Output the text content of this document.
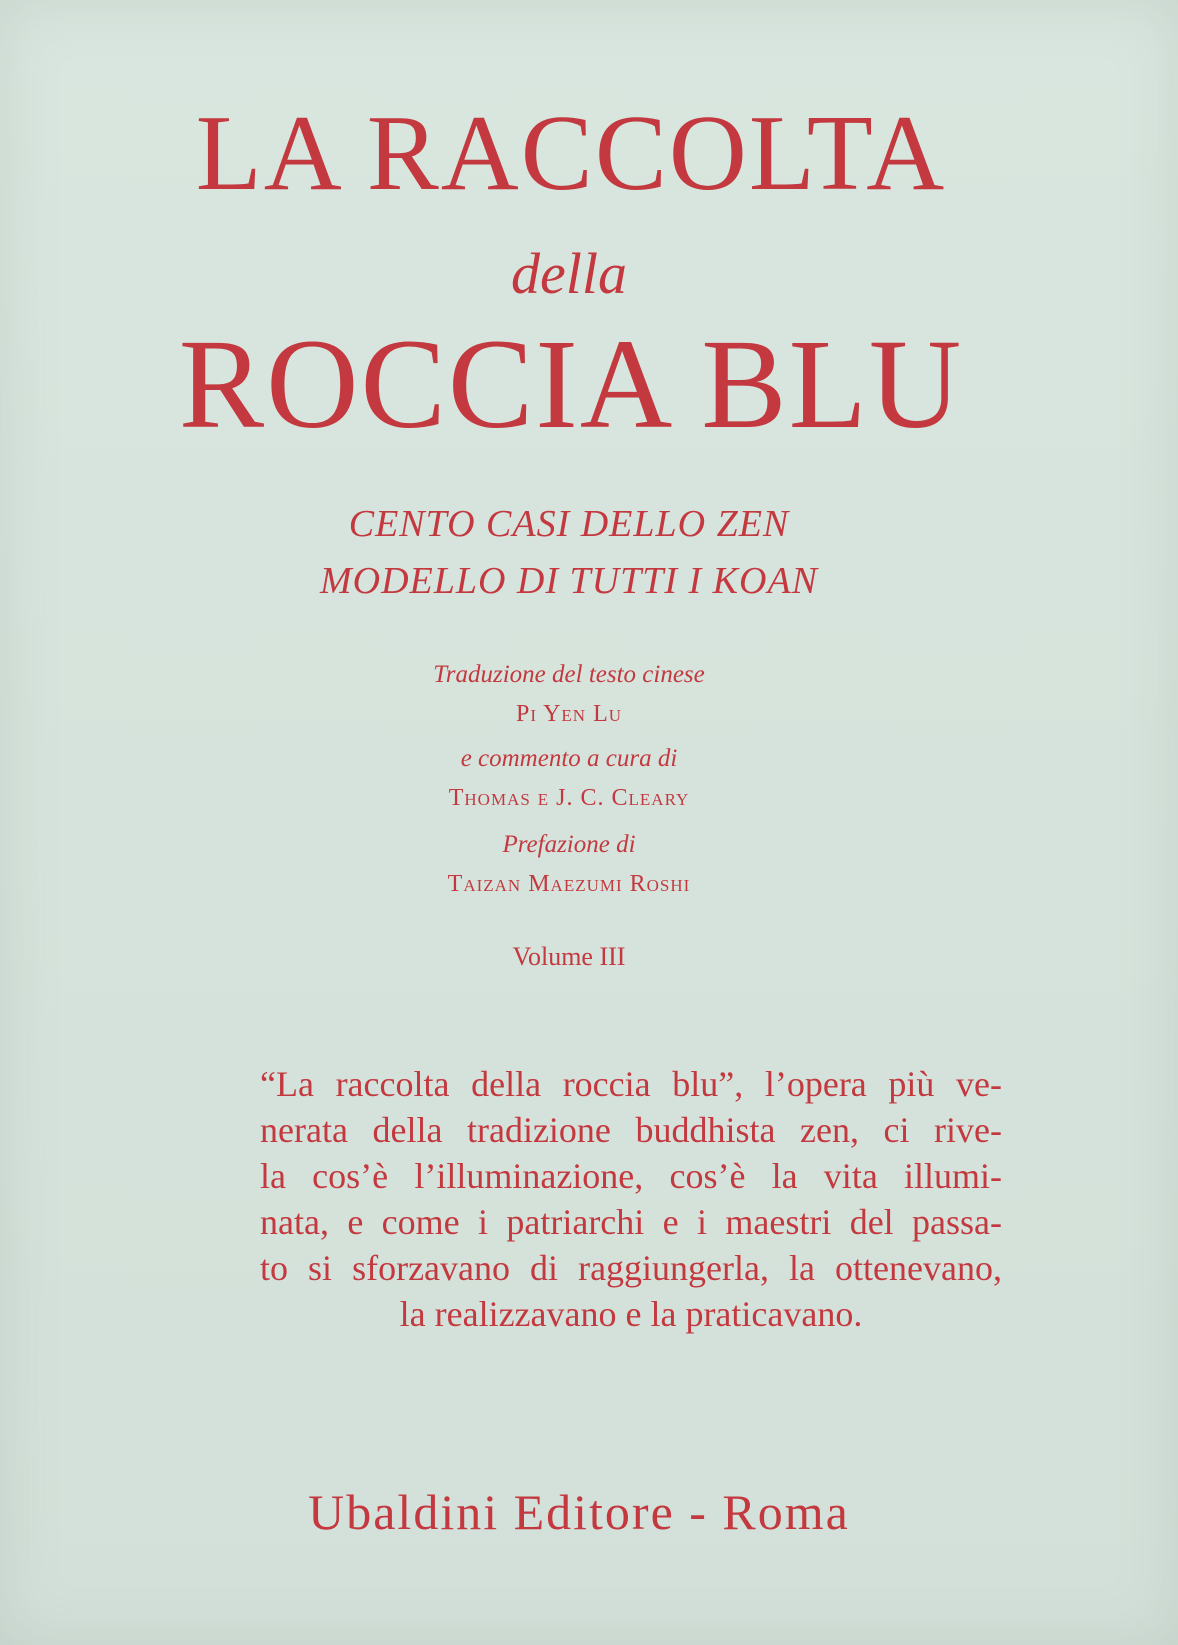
LA RACCOLTA
della
ROCCIA BLU
CENTO CASI DELLO ZEN
MODELLO DI TUTTI I KOAN
Traduzione del testo cinese
Pi Yen Lu
e commento a cura di
Thomas e J. C. Cleary
Prefazione di
Taizan Maezumi Roshi
Volume III
“La raccolta della roccia blu”, l’opera più ve-
nerata della tradizione buddhista zen, ci rive-
la cos’è l’illuminazione, cos’è la vita illumi-
nata, e come i patriarchi e i maestri del passa-
to si sforzavano di raggiungerla, la ottenevano,
la realizzavano e la praticavano.
Ubaldini Editore - Roma
